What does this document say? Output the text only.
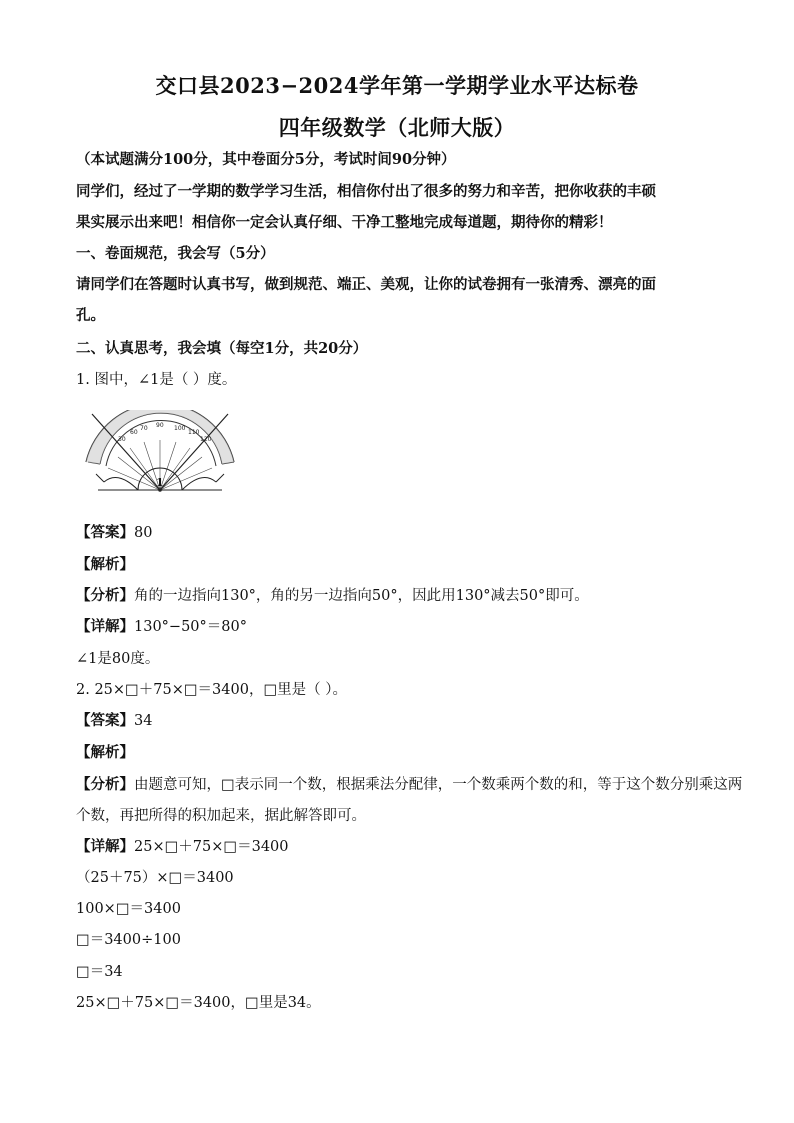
交口县2023−2024学年第一学期学业水平达标卷
四年级数学（北师大版）
（本试题满分100分，其中卷面分5分，考试时间90分钟）
同学们，经过了一学期的数学学习生活，相信你付出了很多的努力和辛苦，把你收获的丰硕
果实展示出来吧！相信你一定会认真仔细、干净工整地完成每道题，期待你的精彩！
一、卷面规范，我会写（5分）
请同学们在答题时认真书写，做到规范、端正、美观，让你的试卷拥有一张清秀、漂亮的面
孔。
二、认真思考，我会填（每空1分，共20分）
1. 图中，∠1是（ ）度。
30
60
70 90 100
110
120
1
【答案】80
【解析】
【分析】角的一边指向130°，角的另一边指向50°，因此用130°减去50°即可。
【详解】130°−50°＝80°
∠1是80度。
2. 25×□＋75×□＝3400，□里是（ ）。
【答案】34
【解析】
【分析】由题意可知，□表示同一个数，根据乘法分配律，一个数乘两个数的和，等于这个数分别乘这两
个数，再把所得的积加起来，据此解答即可。
【详解】25×□＋75×□＝3400
（25＋75）×□＝3400
100×□＝3400
□＝3400÷100
□＝34
25×□＋75×□＝3400，□里是34。
